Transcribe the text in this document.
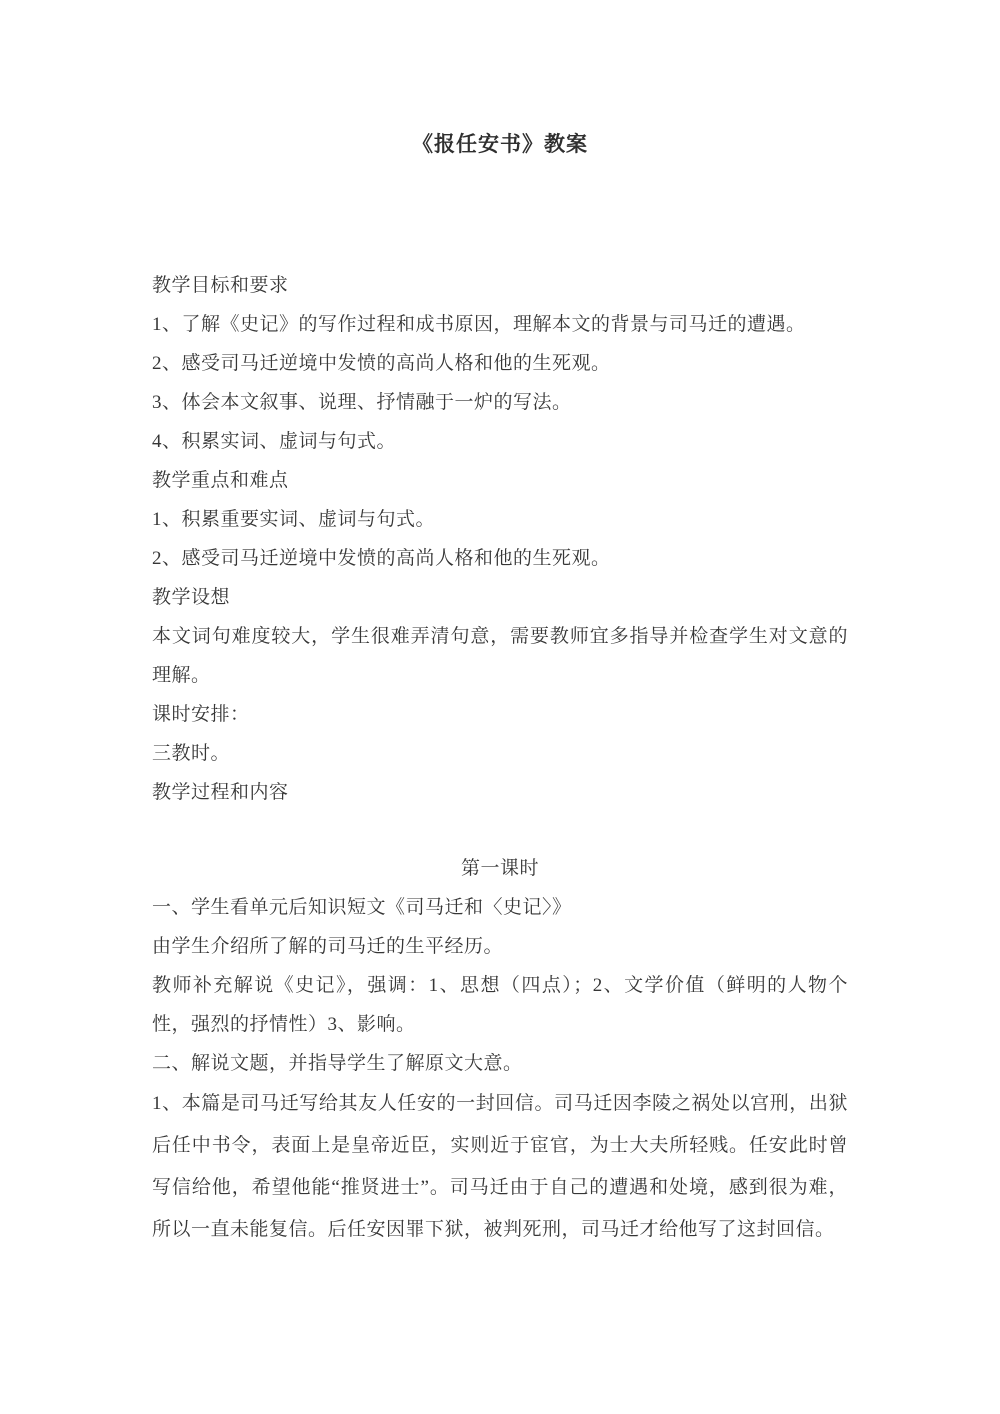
《报任安书》教案

教学目标和要求

1、了解《史记》的写作过程和成书原因，理解本文的背景与司马迁的遭遇。

2、感受司马迁逆境中发愤的高尚人格和他的生死观。

3、体会本文叙事、说理、抒情融于一炉的写法。

4、积累实词、虚词与句式。

教学重点和难点

1、积累重要实词、虚词与句式。

2、感受司马迁逆境中发愤的高尚人格和他的生死观。

教学设想

本文词句难度较大，学生很难弄清句意，需要教师宜多指导并检查学生对文意的理解。

课时安排：

三教时。

教学过程和内容

第一课时

一、学生看单元后知识短文《司马迁和〈史记〉》

由学生介绍所了解的司马迁的生平经历。

教师补充解说《史记》，强调：1、思想（四点）；2、文学价值（鲜明的人物个性，强烈的抒情性）3、影响。

二、解说文题，并指导学生了解原文大意。

1、本篇是司马迁写给其友人任安的一封回信。司马迁因李陵之祸处以宫刑，出狱后任中书令，表面上是皇帝近臣，实则近于宦官，为士大夫所轻贱。任安此时曾写信给他，希望他能“推贤进士”。司马迁由于自己的遭遇和处境，感到很为难，所以一直未能复信。后任安因罪下狱，被判死刑，司马迁才给他写了这封回信。
